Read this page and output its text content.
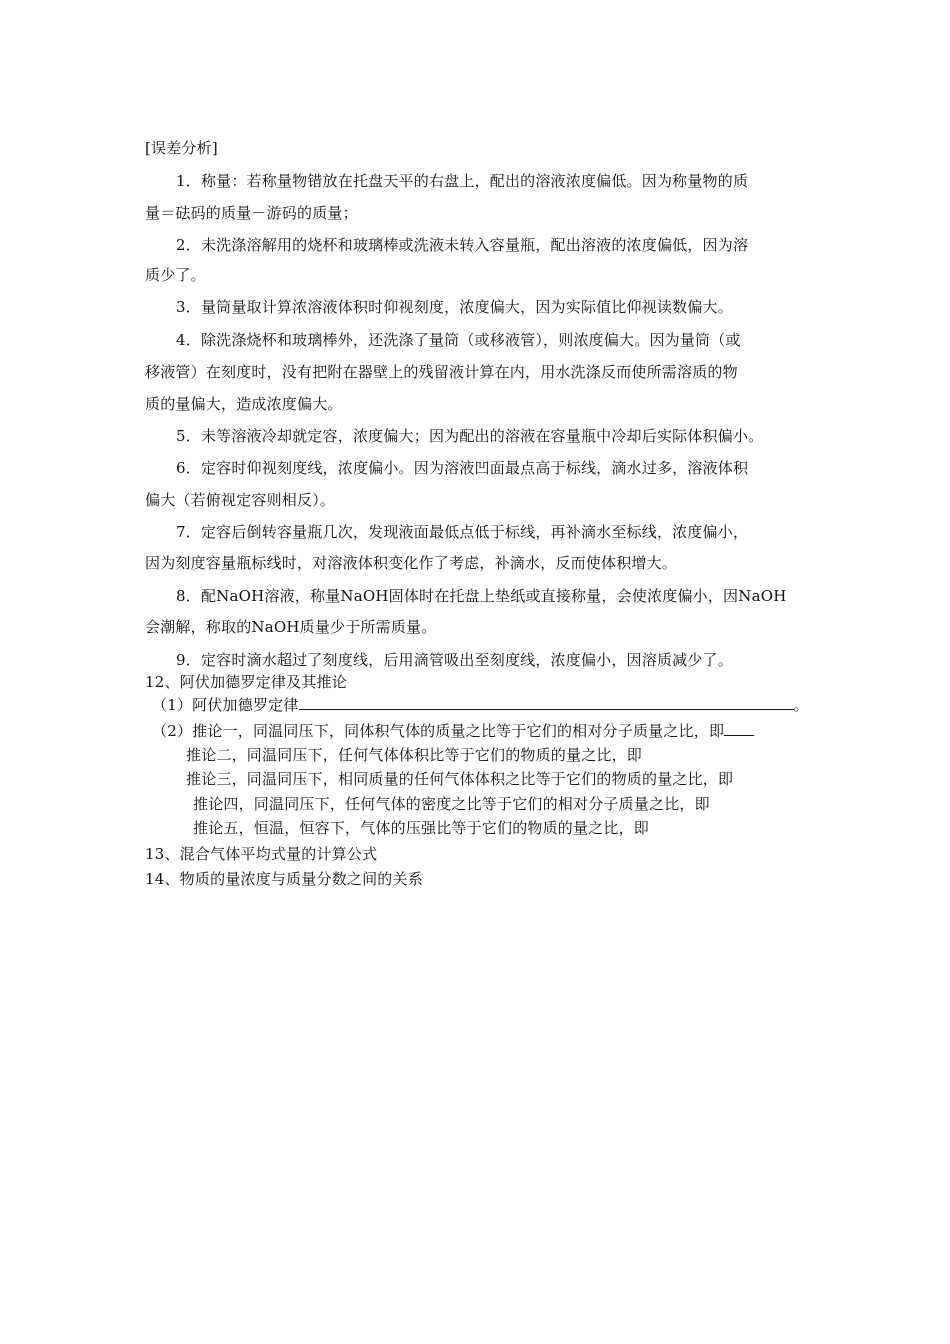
[误差分析]
1．称量：若称量物错放在托盘天平的右盘上，配出的溶液浓度偏低。因为称量物的质
量＝砝码的质量－游码的质量；
2．未洗涤溶解用的烧杯和玻璃棒或洗液未转入容量瓶，配出溶液的浓度偏低，因为溶
质少了。
3．量筒量取计算浓溶液体积时仰视刻度，浓度偏大，因为实际值比仰视读数偏大。
4．除洗涤烧杯和玻璃棒外，还洗涤了量筒（或移液管），则浓度偏大。因为量筒（或
移液管）在刻度时，没有把附在器壁上的残留液计算在内，用水洗涤反而使所需溶质的物
质的量偏大，造成浓度偏大。
5．未等溶液冷却就定容，浓度偏大；因为配出的溶液在容量瓶中冷却后实际体积偏小。
6．定容时仰视刻度线，浓度偏小。因为溶液凹面最点高于标线，滴水过多，溶液体积
偏大（若俯视定容则相反）。
7．定容后倒转容量瓶几次，发现液面最低点低于标线，再补滴水至标线，浓度偏小，
因为刻度容量瓶标线时，对溶液体积变化作了考虑，补滴水，反而使体积增大。
8．配NaOH溶液，称量NaOH固体时在托盘上垫纸或直接称量，会使浓度偏小，因NaOH
会潮解，称取的NaOH质量少于所需质量。
9．定容时滴水超过了刻度线，后用滴管吸出至刻度线，浓度偏小，因溶质减少了。
12、阿伏加德罗定律及其推论
（1）阿伏加德罗定律	。
（2）推论一，同温同压下，同体积气体的质量之比等于它们的相对分子质量之比，即
推论二，同温同压下，任何气体体积比等于它们的物质的量之比，即
推论三，同温同压下，相同质量的任何气体体积之比等于它们的物质的量之比，即
推论四，同温同压下，任何气体的密度之比等于它们的相对分子质量之比，即
推论五，恒温，恒容下，气体的压强比等于它们的物质的量之比，即
13、混合气体平均式量的计算公式
14、物质的量浓度与质量分数之间的关系
